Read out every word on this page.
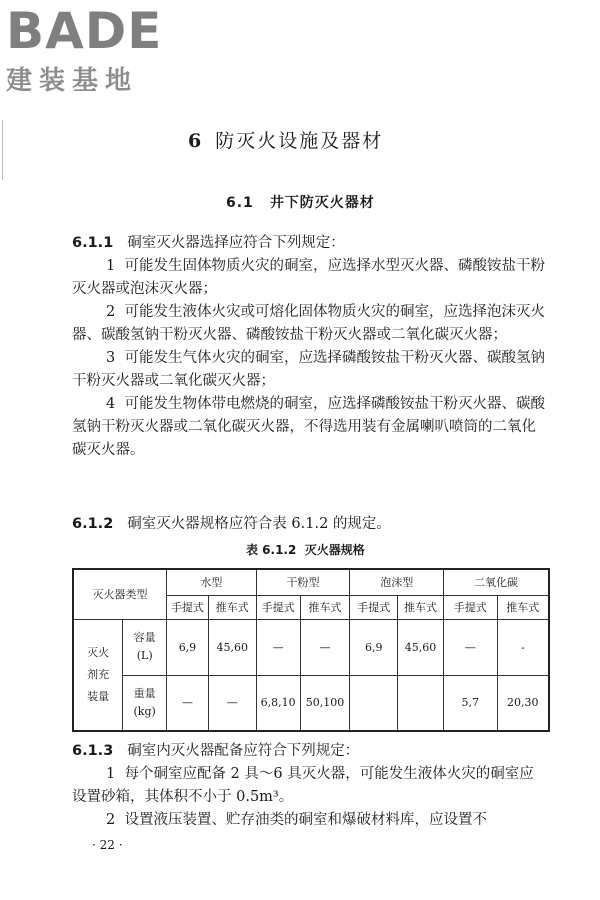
BADE
建装基地
6 防灭火设施及器材
6.1 井下防灭火器材
6.1.1 硐室灭火器选择应符合下列规定：
1 可能发生固体物质火灾的硐室，应选择水型灭火器、磷酸铵盐干粉灭火器或泡沫灭火器；
2 可能发生液体火灾或可熔化固体物质火灾的硐室，应选择泡沫灭火器、碳酸氢钠干粉灭火器、磷酸铵盐干粉灭火器或二氧化碳灭火器；
3 可能发生气体火灾的硐室，应选择磷酸铵盐干粉灭火器、碳酸氢钠干粉灭火器或二氧化碳灭火器；
4 可能发生物体带电燃烧的硐室，应选择磷酸铵盐干粉灭火器、碳酸氢钠干粉灭火器或二氧化碳灭火器，不得选用装有金属喇叭喷筒的二氧化碳灭火器。
6.1.2 硐室灭火器规格应符合表 6.1.2 的规定。
表 6.1.2 灭火器规格
灭火器类型		水型		干粉型		泡沫型		二氧化碳	
		手提式	推车式	手提式	推车式	手提式	推车式	手提式	推车式
灭火剂充装量	容量
(L)	6,9	45,60	—	—	6,9	45,60	—	-
	重量
(kg)	—	—	6,8,10	50,100			5,7	20,30
6.1.3 硐室内灭火器配备应符合下列规定：
1 每个硐室应配备 2 具～6 具灭火器，可能发生液体火灾的硐室应设置砂箱，其体积不小于 0.5m³。
2 设置液压装置、贮存油类的硐室和爆破材料库，应设置不
· 22 ·
